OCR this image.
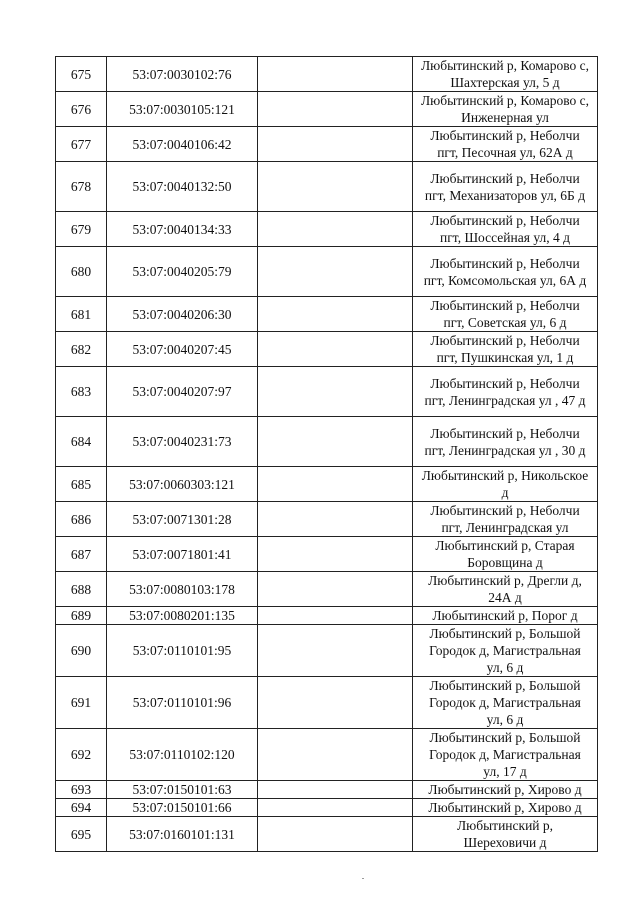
675	53:07:0030102:76		Любытинский р, Комарово с,
Шахтерская ул, 5 д

676	53:07:0030105:121		Любытинский р, Комарово с,
Инженерная ул

677	53:07:0040106:42		Любытинский р, Неболчи
пгт, Песочная ул, 62А д

678	53:07:0040132:50		Любытинский р, Неболчи
пгт, Механизаторов ул, 6Б д

679	53:07:0040134:33		Любытинский р, Неболчи
пгт, Шоссейная ул, 4 д

680	53:07:0040205:79		Любытинский р, Неболчи
пгт, Комсомольская ул, 6А д

681	53:07:0040206:30		Любытинский р, Неболчи
пгт, Советская ул, 6 д

682	53:07:0040207:45		Любытинский р, Неболчи
пгт, Пушкинская ул, 1 д

683	53:07:0040207:97		Любытинский р, Неболчи
пгт, Ленинградская ул , 47 д

684	53:07:0040231:73		Любытинский р, Неболчи
пгт, Ленинградская ул , 30 д

685	53:07:0060303:121		Любытинский р, Никольское
д

686	53:07:0071301:28		Любытинский р, Неболчи
пгт, Ленинградская ул

687	53:07:0071801:41		Любытинский р, Старая
Боровщина д

688	53:07:0080103:178		Любытинский р, Дрегли д,
24А д

689	53:07:0080201:135		Любытинский р, Порог д

690	53:07:0110101:95		Любытинский р, Большой
Городок д, Магистральная
ул, 6 д

691	53:07:0110101:96		Любытинский р, Большой
Городок д, Магистральная
ул, 6 д

692	53:07:0110102:120		Любытинский р, Большой
Городок д, Магистральная
ул, 17 д

693	53:07:0150101:63		Любытинский р, Хирово д

694	53:07:0150101:66		Любытинский р, Хирово д

695	53:07:0160101:131		Любытинский р,
Шереховичи д
